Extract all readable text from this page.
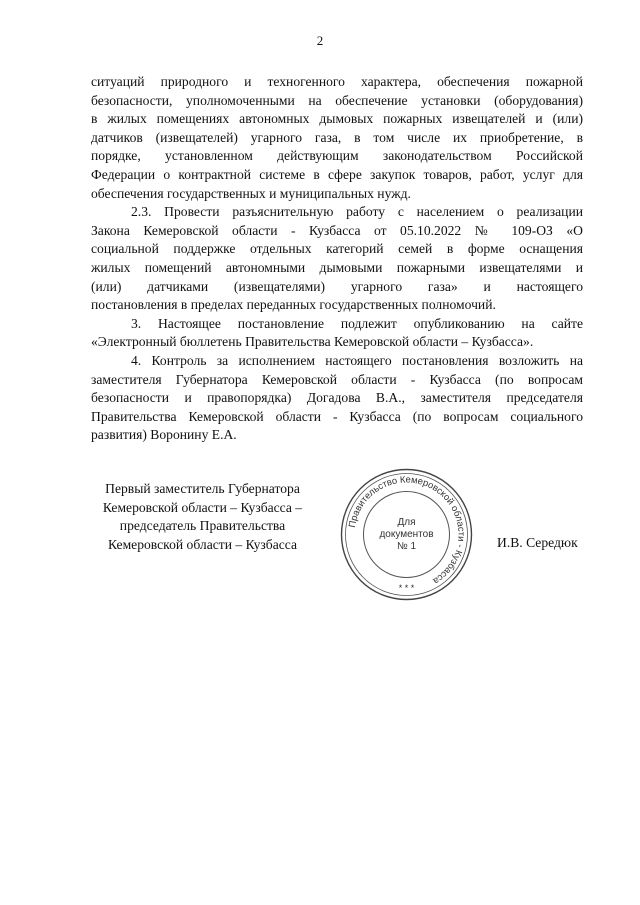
2

ситуаций природного и техногенного характера, обеспечения пожарной
безопасности, уполномоченными на обеспечение установки (оборудования)
в жилых помещениях автономных дымовых пожарных извещателей и (или)
датчиков (извещателей) угарного газа, в том числе их приобретение, в
порядке, установленном действующим законодательством Российской
Федерации о контрактной системе в сфере закупок товаров, работ, услуг для
обеспечения государственных и муниципальных нужд.

2.3. Провести разъяснительную работу с населением о реализации
Закона Кемеровской области - Кузбасса от 05.10.2022 № 109-ОЗ «О
социальной поддержке отдельных категорий семей в форме оснащения
жилых помещений автономными дымовыми пожарными извещателями и
(или) датчиками (извещателями) угарного газа» и настоящего
постановления в пределах переданных государственных полномочий.

3. Настоящее постановление подлежит опубликованию на сайте
«Электронный бюллетень Правительства Кемеровской области – Кузбасса».

4. Контроль за исполнением настоящего постановления возложить на
заместителя Губернатора Кемеровской области - Кузбасса (по вопросам
безопасности и правопорядка) Догадова В.А., заместителя председателя
Правительства Кемеровской области - Кузбасса (по вопросам социального
развития) Воронину Е.А.

Первый заместитель Губернатора
Кемеровской области – Кузбасса –
председатель Правительства
Кемеровской области – Кузбасса
Правительство Кемеровской области - Кузбасса
* * *
Для
документов
№ 1	И.В. Середюк
